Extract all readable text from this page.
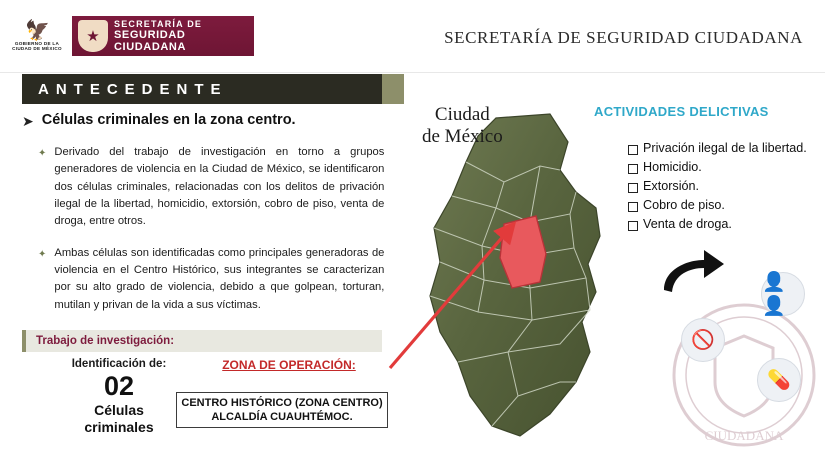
🦅
GOBIERNO DE LA
CIUDAD DE MÉXICO
★
SECRETARÍA DE
SEGURIDAD CIUDADANA
SECRETARÍA DE SEGURIDAD CIUDADANA
ANTECEDENTE
➤ Células criminales en la zona centro.
✦ Derivado del trabajo de investigación en torno a grupos generadores de violencia en la Ciudad de México, se identificaron dos células criminales, relacionadas con los delitos de privación ilegal de la libertad, homicidio, extorsión, cobro de piso, venta de droga, entre otros.
✦ Ambas células son identificadas como principales generadoras de violencia en el Centro Histórico, sus integrantes se caracterizan por su alto grado de violencia, debido a que golpean, torturan, mutilan y privan de la vida a sus víctimas.
Trabajo de investigación:
Identificación de:
02
Células
criminales
ZONA DE OPERACIÓN:
CENTRO HISTÓRICO (ZONA CENTRO)
ALCALDÍA CUAUHTÉMOC.
Ciudad
de México
ACTIVIDADES DELICTIVAS
Privación ilegal de la libertad.
Homicidio.
Extorsión.
Cobro de piso.
Venta de droga.
CIUDADANA
👤👤
🚫
💊
